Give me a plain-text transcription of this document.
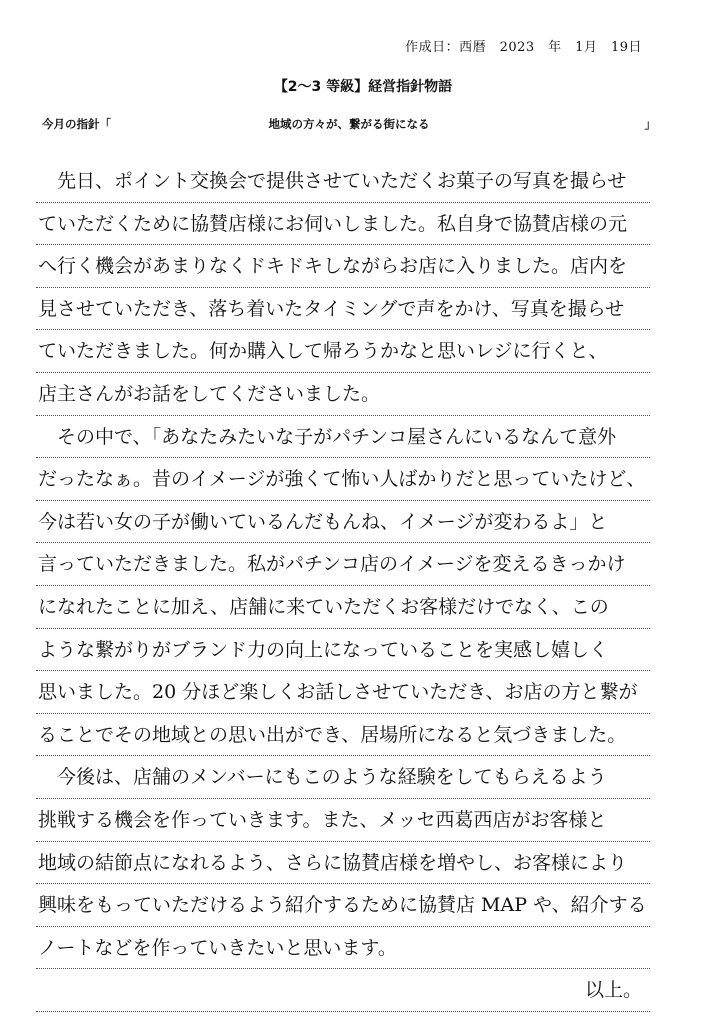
作成日：西暦　2023　年　1月　19日
【2〜3 等級】経営指針物語
今月の指針「	地域の方々が、繋がる街になる	」
　先日、ポイント交換会で提供させていただくお菓子の写真を撮らせ
ていただくために協賛店様にお伺いしました。私自身で協賛店様の元
へ行く機会があまりなくドキドキしながらお店に入りました。店内を
見させていただき、落ち着いたタイミングで声をかけ、写真を撮らせ
ていただきました。何か購入して帰ろうかなと思いレジに行くと、
店主さんがお話をしてくださいました。
　その中で、「あなたみたいな子がパチンコ屋さんにいるなんて意外
だったなぁ。昔のイメージが強くて怖い人ばかりだと思っていたけど、
今は若い女の子が働いているんだもんね、イメージが変わるよ」と
言っていただきました。私がパチンコ店のイメージを変えるきっかけ
になれたことに加え、店舗に来ていただくお客様だけでなく、この
ような繋がりがブランド力の向上になっていることを実感し嬉しく
思いました。20 分ほど楽しくお話しさせていただき、お店の方と繋が
ることでその地域との思い出ができ、居場所になると気づきました。
　今後は、店舗のメンバーにもこのような経験をしてもらえるよう
挑戦する機会を作っていきます。また、メッセ西葛西店がお客様と
地域の結節点になれるよう、さらに協賛店様を増やし、お客様により
興味をもっていただけるよう紹介するために協賛店 MAP や、紹介する
ノートなどを作っていきたいと思います。
以上。
